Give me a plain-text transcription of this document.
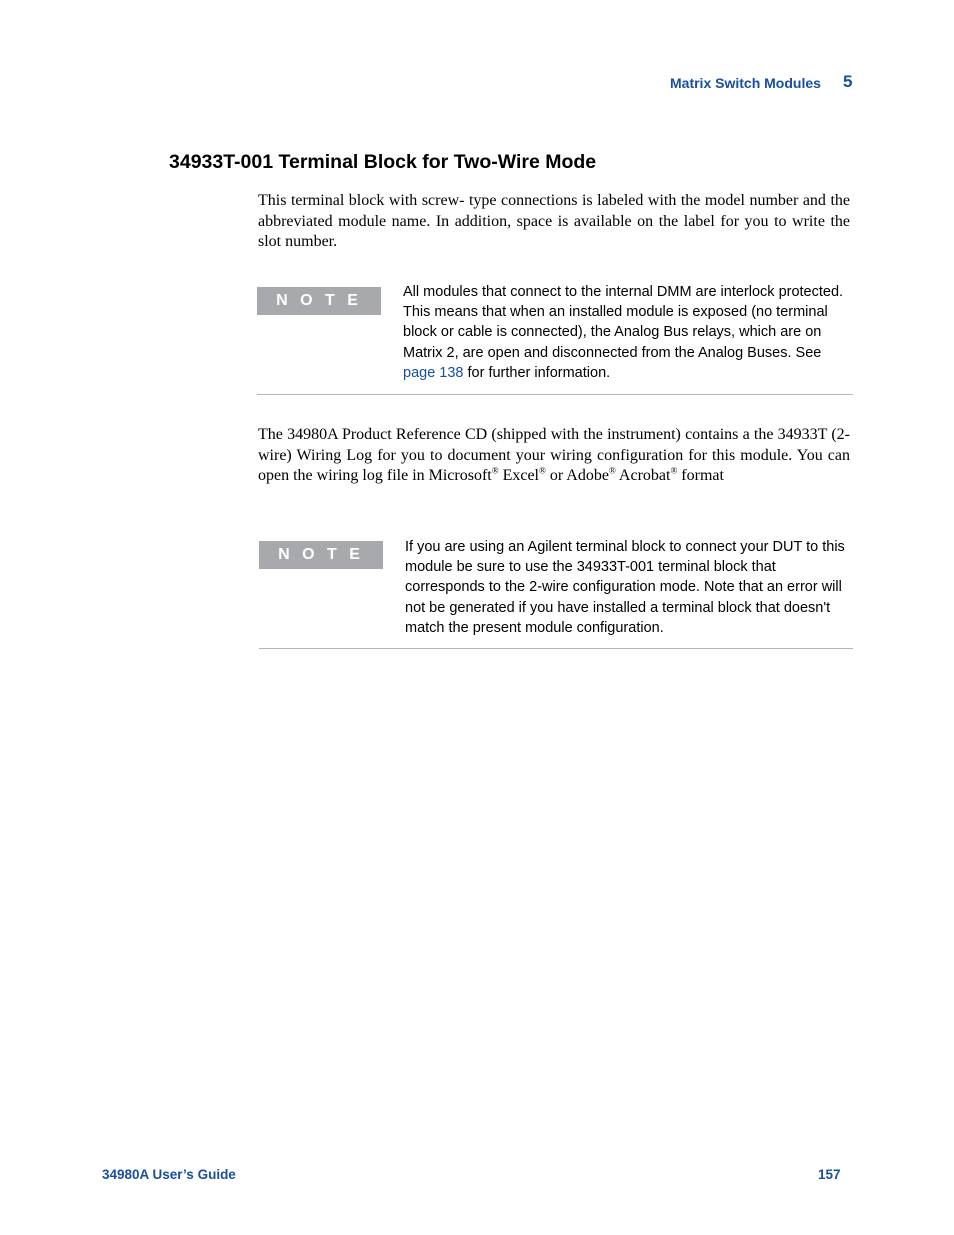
Matrix Switch Modules 5
34933T-001 Terminal Block for Two-Wire Mode

This terminal block with screw- type connections is labeled with the model number and the abbreviated module name. In addition, space is available on the label for you to write the slot number.

N O T E	All modules that connect to the internal DMM are interlock protected. This means that when an installed module is exposed (no terminal block or cable is connected), the Analog Bus relays, which are on Matrix 2, are open and disconnected from the Analog Buses. See page 138 for further information.

The 34980A Product Reference CD (shipped with the instrument) contains a the 34933T (2- wire) Wiring Log for you to document your wiring configuration for this module. You can open the wiring log file in Microsoft® Excel® or Adobe® Acrobat® format

N O T E	If you are using an Agilent terminal block to connect your DUT to this module be sure to use the 34933T-001 terminal block that corresponds to the 2-wire configuration mode. Note that an error will not be generated if you have installed a terminal block that doesn't match the present module configuration.

34980A User’s Guide	157
